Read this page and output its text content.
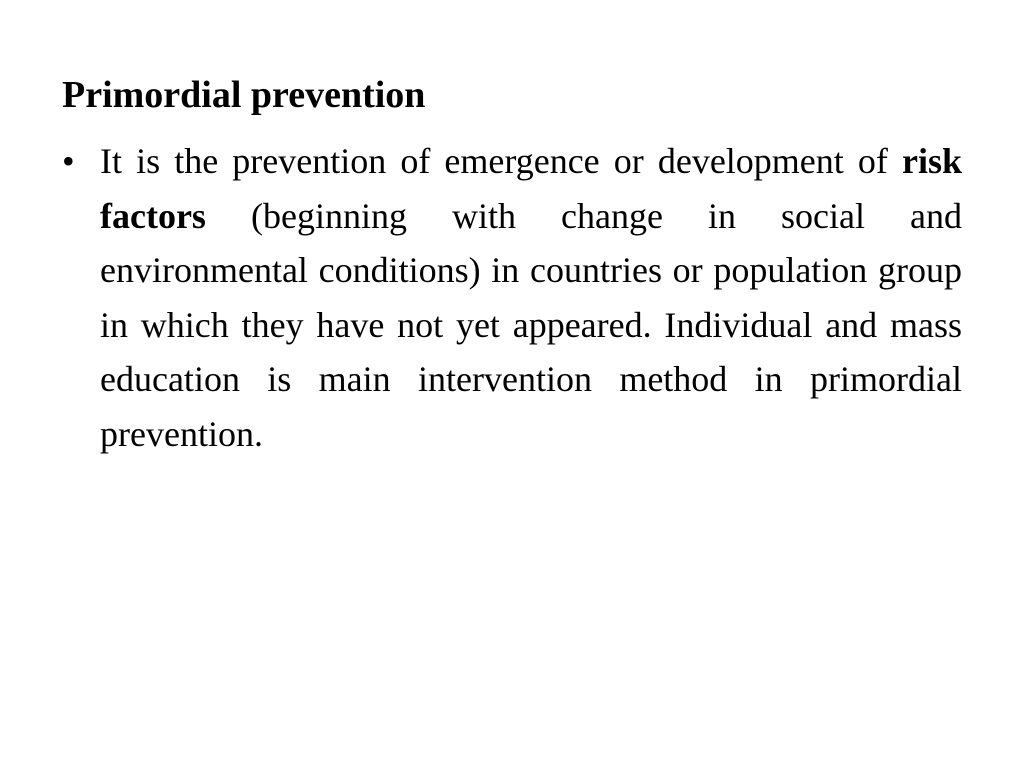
Primordial prevention
• It is the prevention of emergence or development of risk factors (beginning with change in social and environmental conditions) in countries or population group in which they have not yet appeared. Individual and mass education is main intervention method in primordial prevention.
